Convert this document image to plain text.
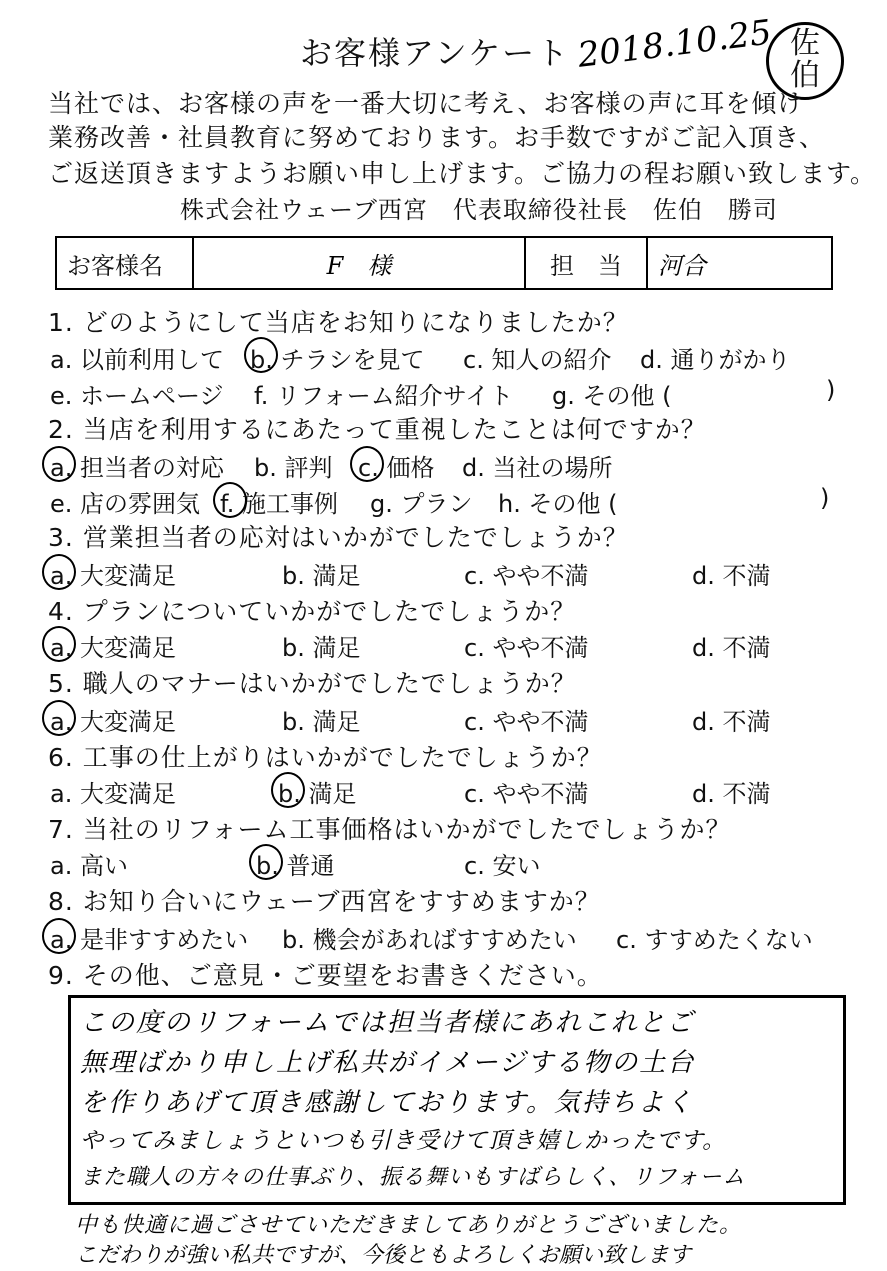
お客様アンケート 2018.10.25 佐
伯
当社では、お客様の声を一番大切に考え、お客様の声に耳を傾け
業務改善・社員教育に努めております。お手数ですがご記入頂き、
ご返送頂きますようお願い申し上げます。ご協力の程お願い致します。
株式会社ウェーブ西宮　代表取締役社長　佐伯　勝司
お客様名	F　様	担　当	河合
1. どのようにして当店をお知りになりましたか？
a. 以前利用して b. チラシを見て c. 知人の紹介 d. 通りがかり
e. ホームページ f. リフォーム紹介サイト g. その他 (	)
2. 当店を利用するにあたって重視したことは何ですか？
a. 担当者の対応 b. 評判 c. 価格 d. 当社の場所
e. 店の雰囲気 f. 施工事例 g. プラン h. その他 (	)
3. 営業担当者の応対はいかがでしたでしょうか？
a. 大変満足	b. 満足	c. やや不満	d. 不満
4. プランについていかがでしたでしょうか？
a. 大変満足	b. 満足	c. やや不満	d. 不満
5. 職人のマナーはいかがでしたでしょうか？
a. 大変満足	b. 満足	c. やや不満	d. 不満
6. 工事の仕上がりはいかがでしたでしょうか？
a. 大変満足	b. 満足	c. やや不満	d. 不満
7. 当社のリフォーム工事価格はいかがでしたでしょうか？
a. 高い	b. 普通	c. 安い
8. お知り合いにウェーブ西宮をすすめますか？
a. 是非すすめたい b. 機会があればすすめたい c. すすめたくない
9. その他、ご意見・ご要望をお書きください。
この度のリフォームでは担当者様にあれこれとご
無理ばかり申し上げ私共がイメージする物の土台
を作りあげて頂き感謝しております。気持ちよく
やってみましょうといつも引き受けて頂き嬉しかったです。
また職人の方々の仕事ぶり、振る舞いもすばらしく、リフォーム
中も快適に過ごさせていただきましてありがとうございました。
こだわりが強い私共ですが、今後ともよろしくお願い致します
